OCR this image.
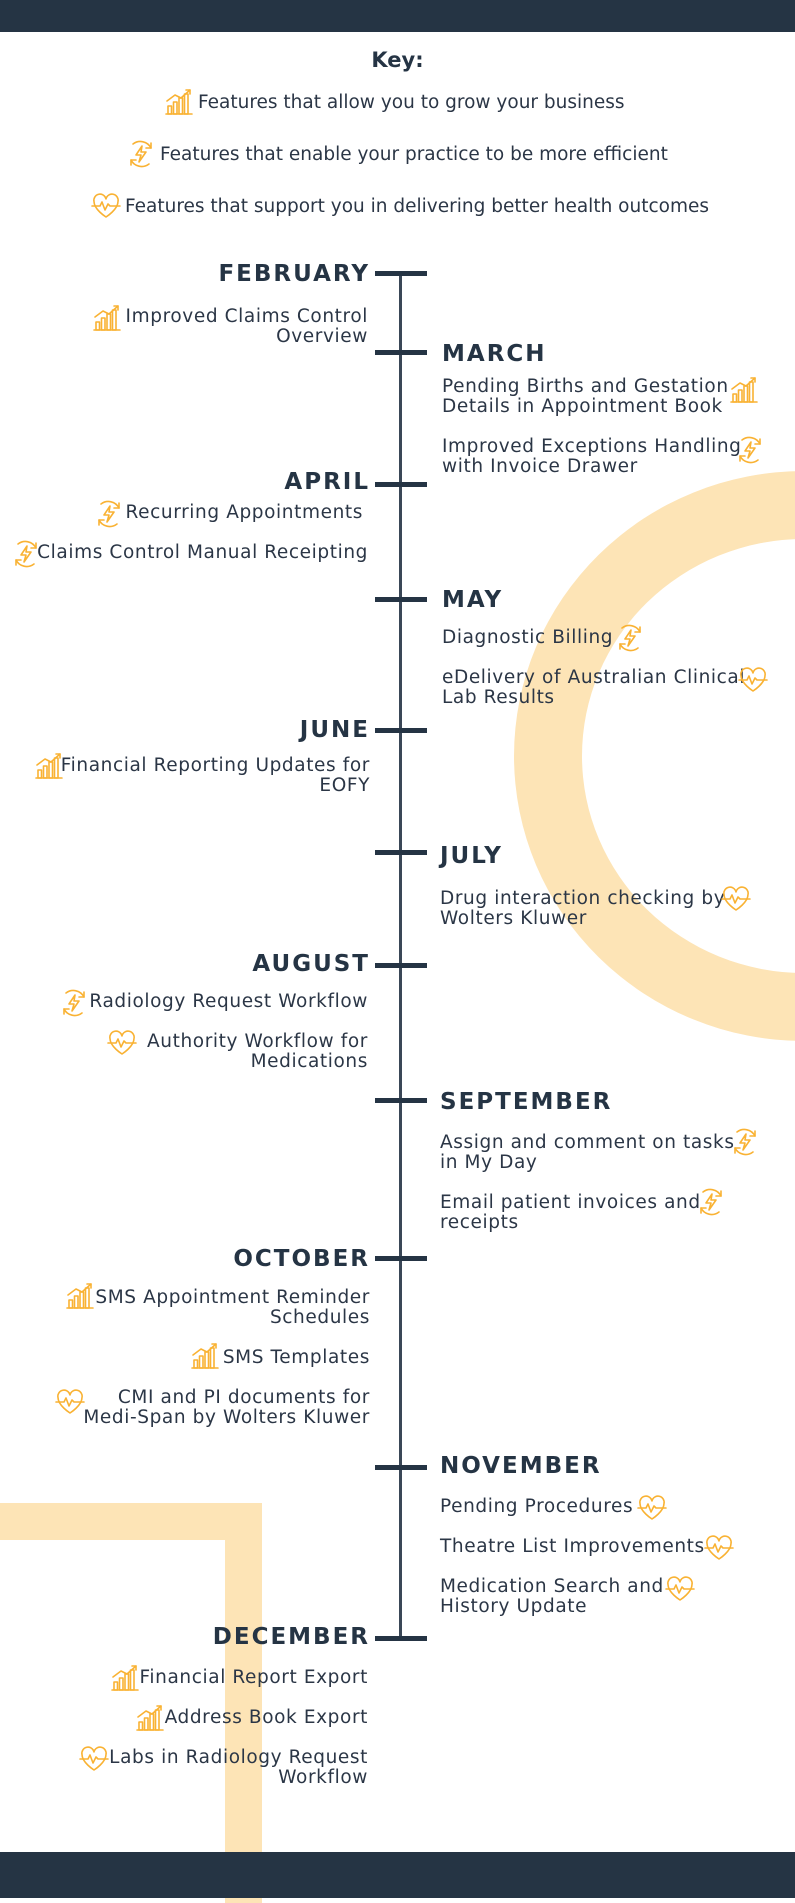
Key:
Features that allow you to grow your business
Features that enable your practice to be more efficient
Features that support you in delivering better health outcomes
FEBRUARY
MARCH
APRIL
MAY
JUNE
JULY
AUGUST
SEPTEMBER
OCTOBER
NOVEMBER
DECEMBER
Improved Claims Control
Overview
Pending Births and Gestation
Details in Appointment Book
Improved Exceptions Handling
with Invoice Drawer
Recurring Appointments
Claims Control Manual Receipting
Diagnostic Billing
eDelivery of Australian Clinical
Lab Results
Financial Reporting Updates for
EOFY
Drug interaction checking by
Wolters Kluwer
Radiology Request Workflow
Authority Workflow for
Medications
Assign and comment on tasks
in My Day
Email patient invoices and
receipts
SMS Appointment Reminder
Schedules
SMS Templates
CMI and PI documents for
Medi-Span by Wolters Kluwer
Pending Procedures
Theatre List Improvements
Medication Search and
History Update
Financial Report Export
Address Book Export
Labs in Radiology Request
Workflow
